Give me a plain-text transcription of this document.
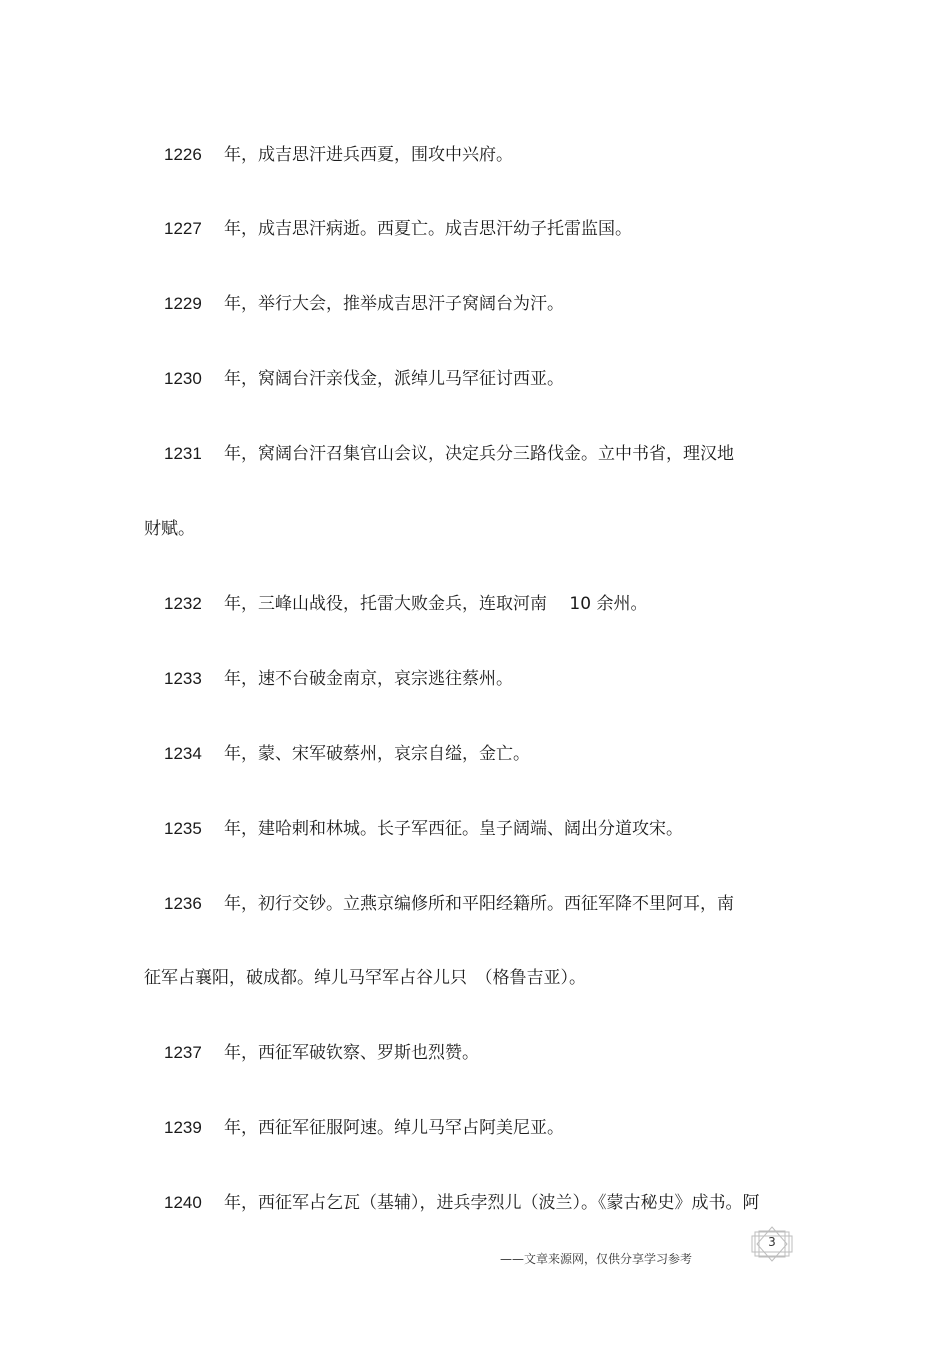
1226 年，成吉思汗进兵西夏，围攻中兴府。
1227 年，成吉思汗病逝。西夏亡。成吉思汗幼子托雷监国。
1229 年，举行大会，推举成吉思汗子窝阔台为汗。
1230 年，窝阔台汗亲伐金，派绰儿马罕征讨西亚。
1231 年，窝阔台汗召集官山会议，决定兵分三路伐金。立中书省，理汉地
财赋。
1232 年，三峰山战役，托雷大败金兵，连取河南　 10 余州。
1233 年，速不台破金南京，哀宗逃往蔡州。
1234 年，蒙、宋军破蔡州，哀宗自缢，金亡。
1235 年，建哈剌和林城。长子军西征。皇子阔端、阔出分道攻宋。
1236 年，初行交钞。立燕京编修所和平阳经籍所。西征军降不里阿耳，南
征军占襄阳，破成都。绰儿马罕军占谷儿只　（格鲁吉亚）。
1237 年，西征军破钦察、罗斯也烈赞。
1239 年，西征军征服阿速。绰儿马罕占阿美尼亚。
1240 年，西征军占乞瓦（基辅），进兵孛烈儿（波兰）。《蒙古秘史》成书。阿
3
——文章来源网，仅供分享学习参考
